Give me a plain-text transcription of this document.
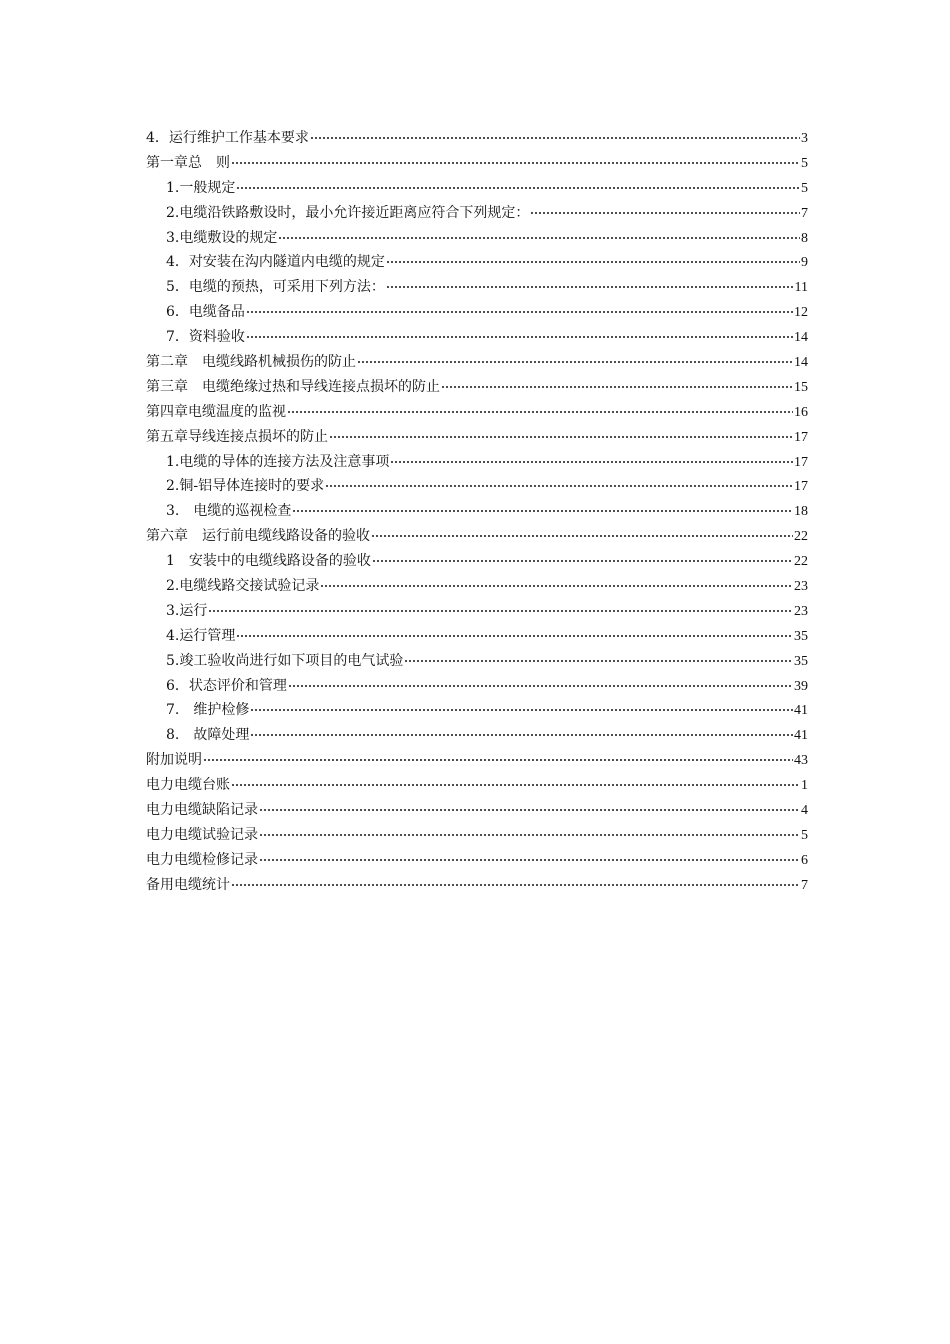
4．运行维护工作基本要求	3
第一章总　则	5
1.一般规定	5
2.电缆沿铁路敷设时，最小允许接近距离应符合下列规定：	7
3.电缆敷设的规定	8
4．对安装在沟内隧道内电缆的规定	9
5．电缆的预热，可采用下列方法：	11
6．电缆备品	12
7．资料验收	14
第二章　电缆线路机械损伤的防止	14
第三章　电缆绝缘过热和导线连接点损坏的防止	15
第四章电缆温度的监视	16
第五章导线连接点损坏的防止	17
1.电缆的导体的连接方法及注意事项	17
2.铜-铝导体连接时的要求	17
3.　电缆的巡视检查	18
第六章　运行前电缆线路设备的验收	22
1　安装中的电缆线路设备的验收	22
2.电缆线路交接试验记录	23
3.运行	23
4.运行管理	35
5.竣工验收尚进行如下项目的电气试验	35
6．状态评价和管理	39
7.　维护检修	41
8.　故障处理	41
附加说明	43
电力电缆台账	1
电力电缆缺陷记录	4
电力电缆试验记录	5
电力电缆检修记录	6
备用电缆统计	7
